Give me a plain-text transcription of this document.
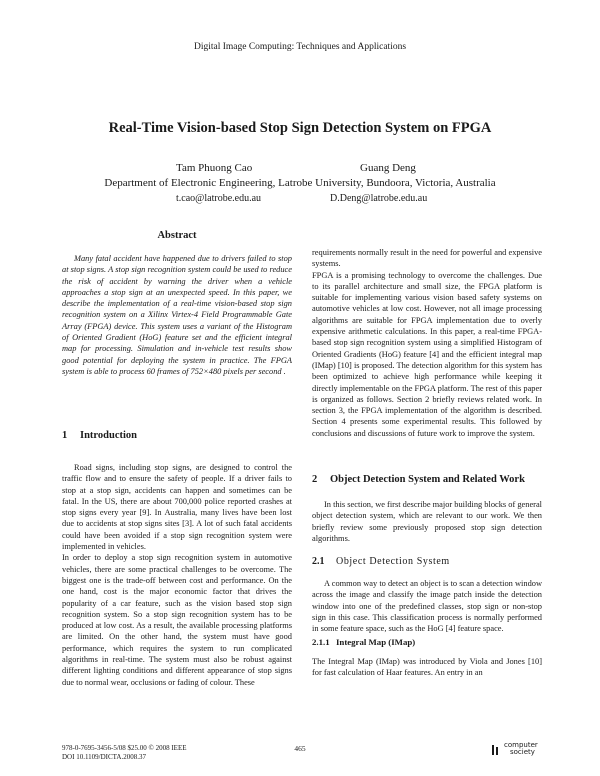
Digital Image Computing: Techniques and Applications
Real-Time Vision-based Stop Sign Detection System on FPGA
Tam Phuong Cao	Guang Deng
Department of Electronic Engineering, Latrobe University, Bundoora, Victoria, Australia
t.cao@latrobe.edu.au	D.Deng@latrobe.edu.au
Abstract

Many fatal accident have happened due to drivers failed to stop at stop signs. A stop sign recognition system could be used to reduce the risk of accident by warning the driver when a vehicle approaches a stop sign at an unexpected speed. In this paper, we describe the implementation of a real-time vision-based stop sign recognition system on a Xilinx Virtex-4 Field Programmable Gate Array (FPGA) device. This system uses a variant of the Histogram of Oriented Gradient (HoG) feature set and the efficient integral map for processing. Simulation and in-vehicle test results show good potential for deploying the system in practice. The FPGA system is able to process 60 frames of 752×480 pixels per second .

1 Introduction

Road signs, including stop signs, are designed to control the traffic flow and to ensure the safety of people. If a driver fails to stop at a stop sign, accidents can happen and sometimes can be fatal. In the US, there are about 700,000 police reported crashes at stop signs every year [9]. In Australia, many lives have been lost due to accidents at stop signs sites [3]. A lot of such fatal accidents could have been avoided if a stop sign recognition system were implemented in vehicles.

In order to deploy a stop sign recognition system in automotive vehicles, there are some practical challenges to be overcome. The biggest one is the trade-off between cost and performance. On the one hand, cost is the major economic factor that drives the popularity of a car feature, such as the vision based stop sign recognition system. So a stop sign recognition system has to be produced at low cost. As a result, the available processing platforms are limited. On the other hand, the system must have good performance, which requires the system to run complicated algorithms in real-time. The system must also be robust against different lighting conditions and different appearance of stop signs due to normal wear, occlusions or fading of colour. These

requirements normally result in the need for powerful and expensive systems.

FPGA is a promising technology to overcome the challenges. Due to its parallel architecture and small size, the FPGA platform is suitable for implementing various vision based safety systems on automotive vehicles at low cost. However, not all image processing algorithms are suitable for FPGA implementation due to overly expensive arithmetic calculations. In this paper, a real-time FPGA-based stop sign recognition system using a simplified Histogram of Oriented Gradients (HoG) feature [4] and the efficient integral map (IMap) [10] is proposed. The detection algorithm for this system has been optimized to achieve high performance while keeping it directly implementable on the FPGA platform. The rest of this paper is organized as follows. Section 2 briefly reviews related work. In section 3, the FPGA implementation of the algorithm is described. Section 4 presents some experimental results. This followed by conclusions and discussions of future work to improve the system.

2 Object Detection System and Related Work

In this section, we first describe major building blocks of general object detection system, which are relevant to our work. We then briefly review some previously proposed stop sign detection algorithms.

2.1 Object Detection System

A common way to detect an object is to scan a detection window across the image and classify the image patch inside the detection window into one of the predefined classes, stop sign or non-stop sign in this case. This classification process is normally performed in some feature space, such as the HoG [4] feature space.

2.1.1 Integral Map (IMap)

The Integral Map (IMap) was introduced by Viola and Jones [10] for fast calculation of Haar features. An entry in an

978-0-7695-3456-5/08 $25.00 © 2008 IEEE
DOI 10.1109/DICTA.2008.37
465	computer
society
